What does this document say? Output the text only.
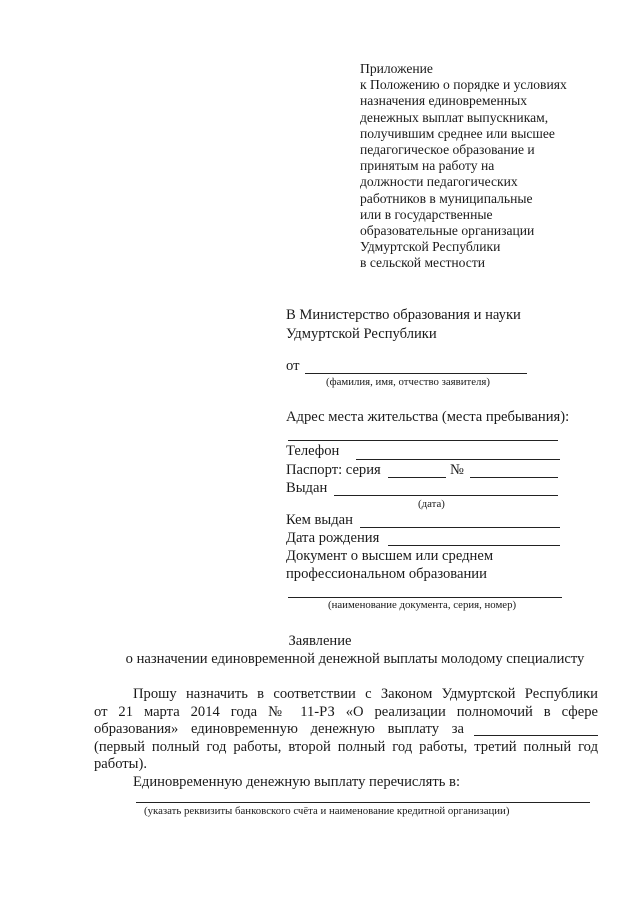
Приложение
к Положению о порядке и условиях
назначения единовременных
денежных выплат выпускникам,
получившим среднее или высшее
педагогическое образование и
принятым на работу на
должности педагогических
работников в муниципальные
или в государственные
образовательные организации
Удмуртской Республики
в сельской местности
В Министерство образования и науки
Удмуртской Республики
от
(фамилия, имя, отчество заявителя)
Адрес места жительства (места пребывания):
Телефон
Паспорт: серия	№
Выдан
(дата)
Кем выдан
Дата рождения
Документ о высшем или среднем
профессиональном образовании
(наименование документа, серия, номер)
Заявление
о назначении единовременной денежной выплаты молодому специалисту
Прошу назначить в соответствии с Законом Удмуртской Республики
от 21 марта 2014 года № 11-РЗ «О реализации полномочий в сфере
образования» единовременную денежную выплату за
(первый полный год работы, второй полный год работы, третий полный год
работы).
Единовременную денежную выплату перечислять в:
(указать реквизиты банковского счёта и наименование кредитной организации)
